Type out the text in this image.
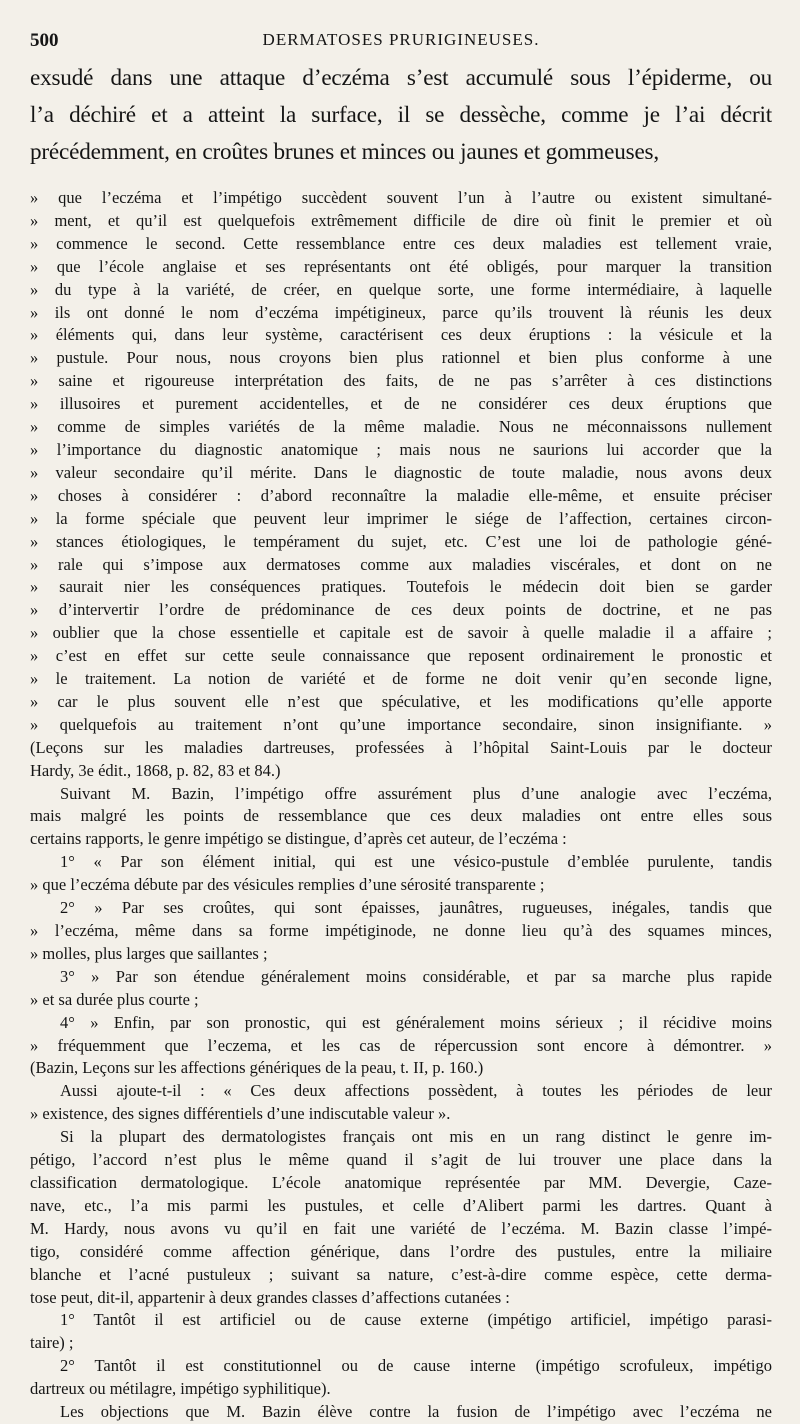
500	DERMATOSES PRURIGINEUSES.
exsudé dans une attaque d’eczéma s’est accumulé sous l’épiderme, ou
l’a déchiré et a atteint la surface, il se dessèche, comme je l’ai décrit
précédemment, en croûtes brunes et minces ou jaunes et gommeuses,
» que l’eczéma et l’impétigo succèdent souvent l’un à l’autre ou existent simultané-
» ment, et qu’il est quelquefois extrêmement difficile de dire où finit le premier et où
» commence le second. Cette ressemblance entre ces deux maladies est tellement vraie,
» que l’école anglaise et ses représentants ont été obligés, pour marquer la transition
» du type à la variété, de créer, en quelque sorte, une forme intermédiaire, à laquelle
» ils ont donné le nom d’eczéma impétigineux, parce qu’ils trouvent là réunis les deux
» éléments qui, dans leur système, caractérisent ces deux éruptions : la vésicule et la
» pustule. Pour nous, nous croyons bien plus rationnel et bien plus conforme à une
» saine et rigoureuse interprétation des faits, de ne pas s’arrêter à ces distinctions
» illusoires et purement accidentelles, et de ne considérer ces deux éruptions que
» comme de simples variétés de la même maladie. Nous ne méconnaissons nullement
» l’importance du diagnostic anatomique ; mais nous ne saurions lui accorder que la
» valeur secondaire qu’il mérite. Dans le diagnostic de toute maladie, nous avons deux
» choses à considérer : d’abord reconnaître la maladie elle-même, et ensuite préciser
» la forme spéciale que peuvent leur imprimer le siége de l’affection, certaines circon-
» stances étiologiques, le tempérament du sujet, etc. C’est une loi de pathologie géné-
» rale qui s’impose aux dermatoses comme aux maladies viscérales, et dont on ne
» saurait nier les conséquences pratiques. Toutefois le médecin doit bien se garder
» d’intervertir l’ordre de prédominance de ces deux points de doctrine, et ne pas
» oublier que la chose essentielle et capitale est de savoir à quelle maladie il a affaire ;
» c’est en effet sur cette seule connaissance que reposent ordinairement le pronostic et
» le traitement. La notion de variété et de forme ne doit venir qu’en seconde ligne,
» car le plus souvent elle n’est que spéculative, et les modifications qu’elle apporte
» quelquefois au traitement n’ont qu’une importance secondaire, sinon insignifiante. »
(Leçons sur les maladies dartreuses, professées à l’hôpital Saint-Louis par le docteur
Hardy, 3e édit., 1868, p. 82, 83 et 84.)
Suivant M. Bazin, l’impétigo offre assurément plus d’une analogie avec l’eczéma,
mais malgré les points de ressemblance que ces deux maladies ont entre elles sous
certains rapports, le genre impétigo se distingue, d’après cet auteur, de l’eczéma :
1° « Par son élément initial, qui est une vésico-pustule d’emblée purulente, tandis
» que l’eczéma débute par des vésicules remplies d’une sérosité transparente ;
2° » Par ses croûtes, qui sont épaisses, jaunâtres, rugueuses, inégales, tandis que
» l’eczéma, même dans sa forme impétiginode, ne donne lieu qu’à des squames minces,
» molles, plus larges que saillantes ;
3° » Par son étendue généralement moins considérable, et par sa marche plus rapide
» et sa durée plus courte ;
4° » Enfin, par son pronostic, qui est généralement moins sérieux ; il récidive moins
» fréquemment que l’eczema, et les cas de répercussion sont encore à démontrer. »
(Bazin, Leçons sur les affections génériques de la peau, t. II, p. 160.)
Aussi ajoute-t-il : « Ces deux affections possèdent, à toutes les périodes de leur
» existence, des signes différentiels d’une indiscutable valeur ».
Si la plupart des dermatologistes français ont mis en un rang distinct le genre im-
pétigo, l’accord n’est plus le même quand il s’agit de lui trouver une place dans la
classification dermatologique. L’école anatomique représentée par MM. Devergie, Caze-
nave, etc., l’a mis parmi les pustules, et celle d’Alibert parmi les dartres. Quant à
M. Hardy, nous avons vu qu’il en fait une variété de l’eczéma. M. Bazin classe l’impé-
tigo, considéré comme affection générique, dans l’ordre des pustules, entre la miliaire
blanche et l’acné pustuleux ; suivant sa nature, c’est-à-dire comme espèce, cette derma-
tose peut, dit-il, appartenir à deux grandes classes d’affections cutanées :
1° Tantôt il est artificiel ou de cause externe (impétigo artificiel, impétigo parasi-
taire) ;
2° Tantôt il est constitutionnel ou de cause interne (impétigo scrofuleux, impétigo
dartreux ou métilagre, impétigo syphilitique).
Les objections que M. Bazin élève contre la fusion de l’impétigo avec l’eczéma ne
